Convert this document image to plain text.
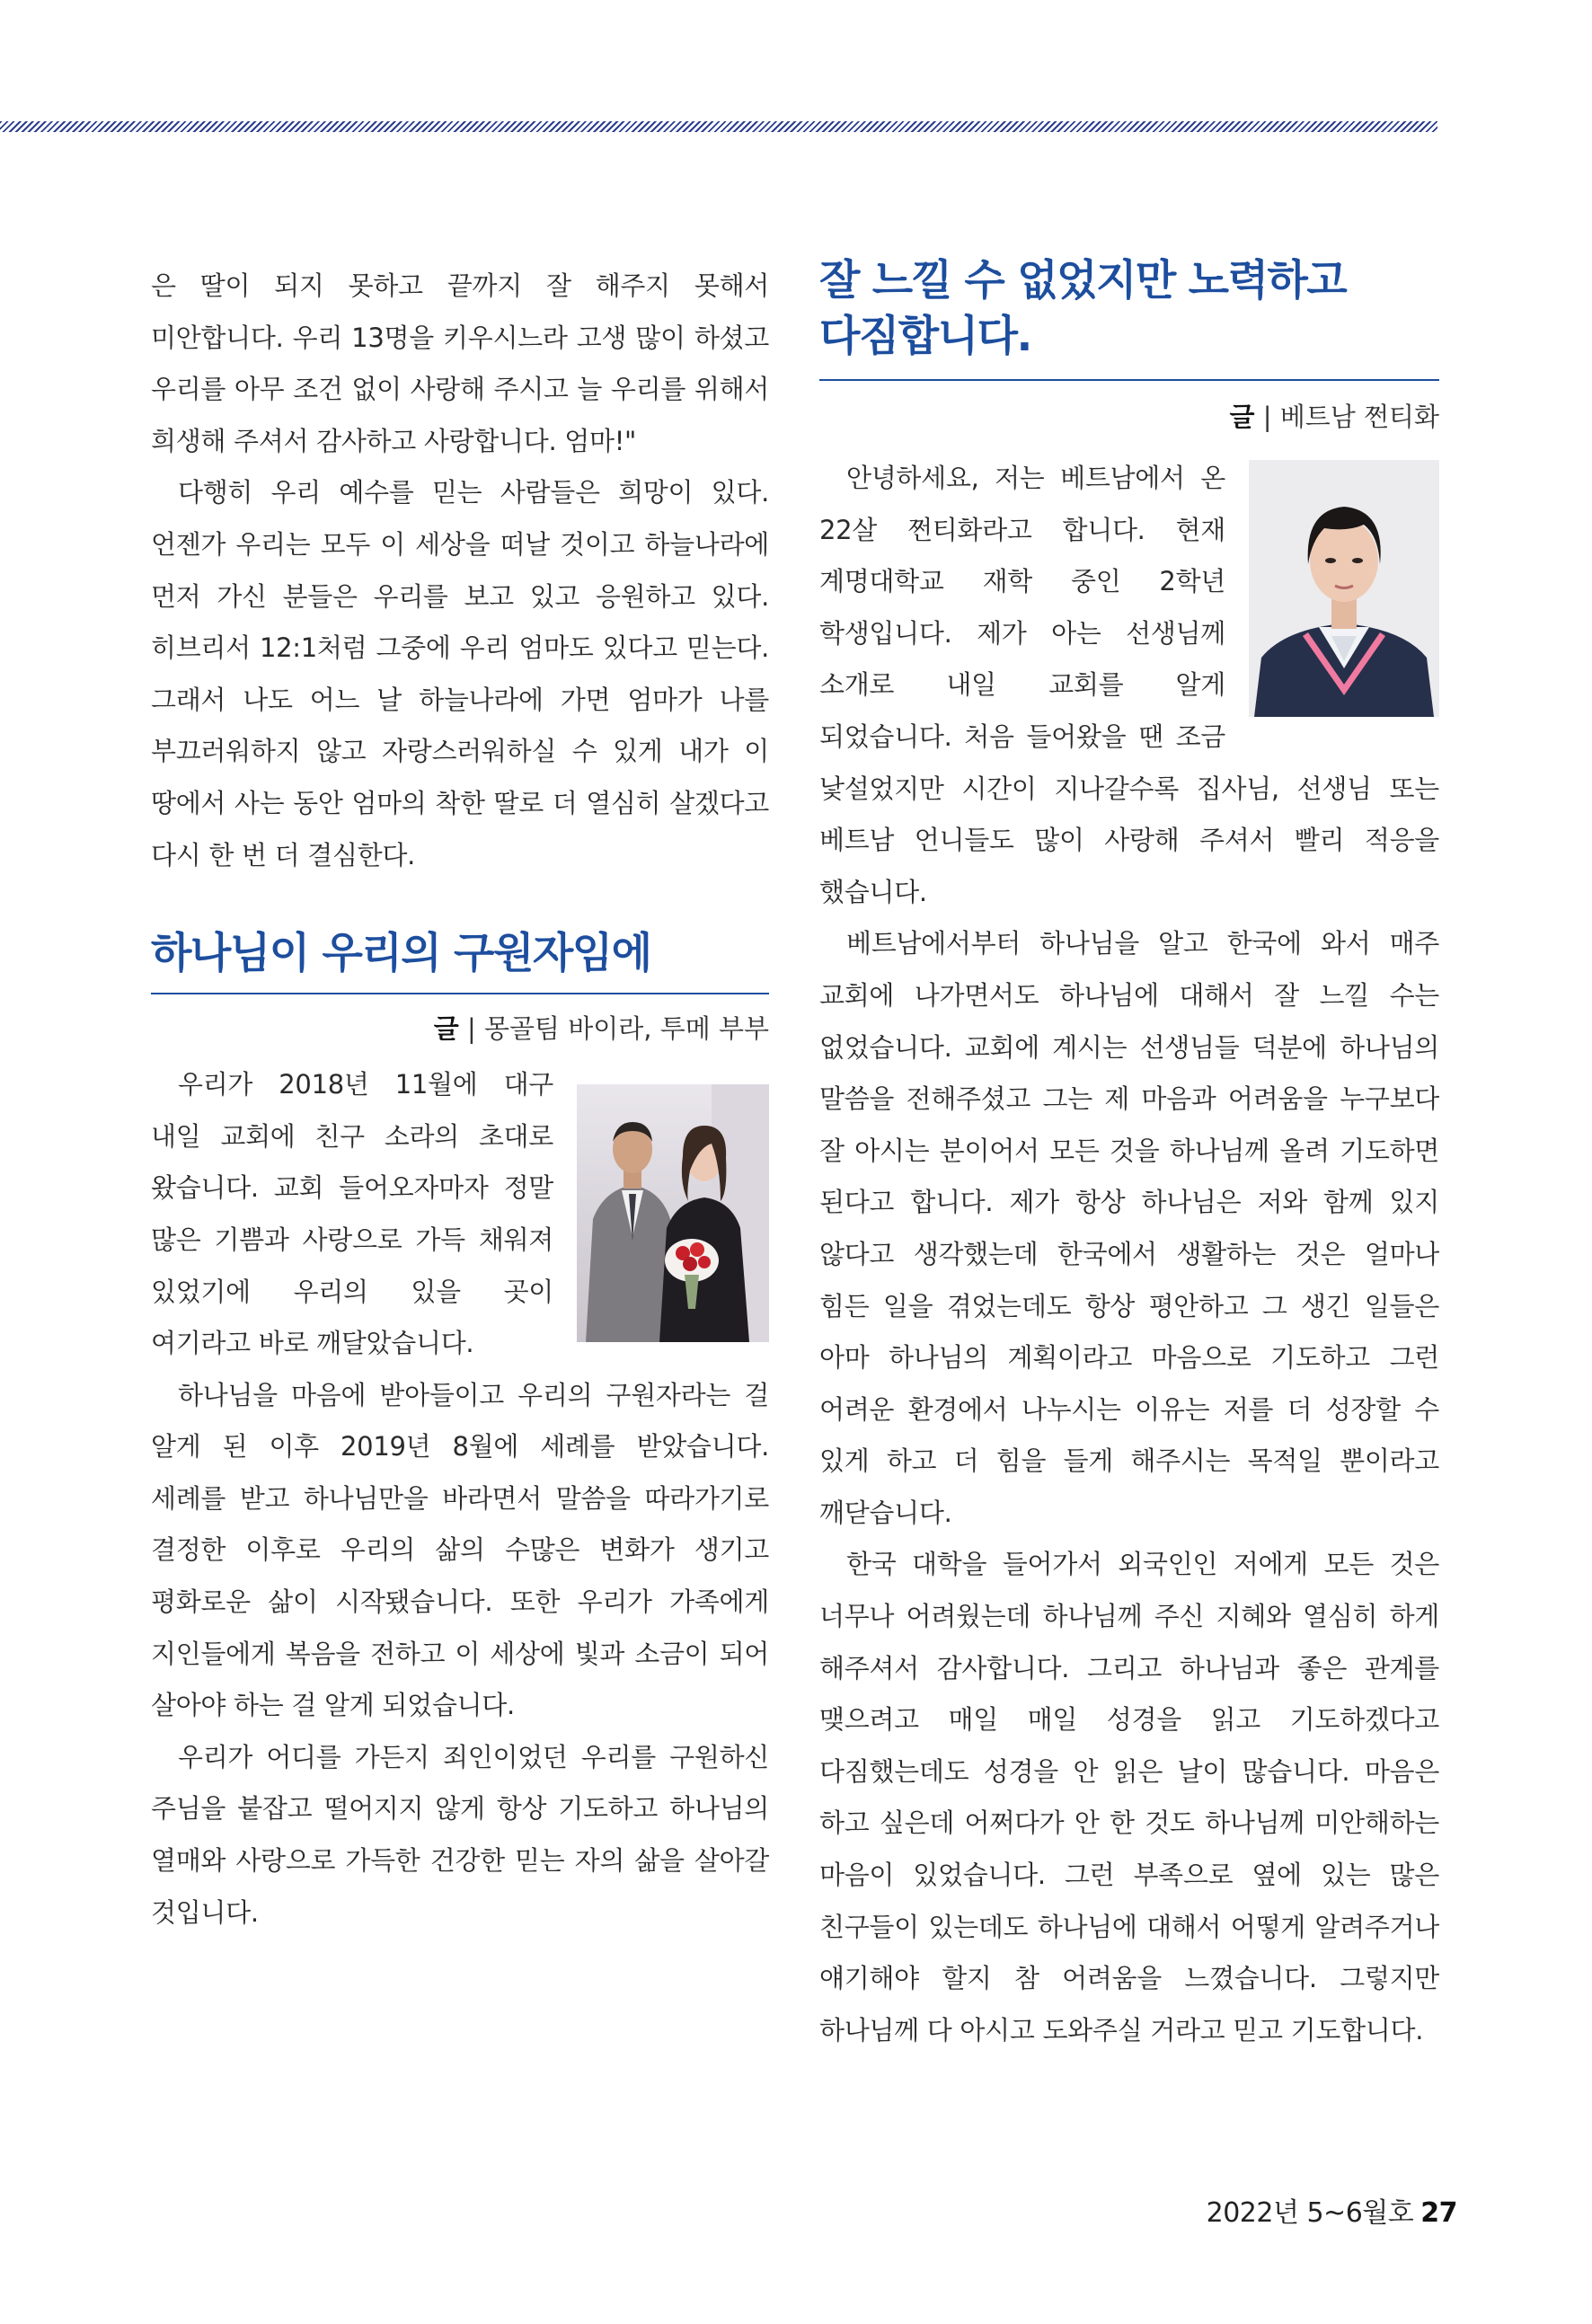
은 딸이 되지 못하고 끝까지 잘 해주지 못해서 미안합니다. 우리 13명을 키우시느라 고생 많이 하셨고 우리를 아무 조건 없이 사랑해 주시고 늘 우리를 위해서 희생해 주셔서 감사하고 사랑합니다. 엄마!"

다행히 우리 예수를 믿는 사람들은 희망이 있다. 언젠가 우리는 모두 이 세상을 떠날 것이고 하늘나라에 먼저 가신 분들은 우리를 보고 있고 응원하고 있다. 히브리서 12:1처럼 그중에 우리 엄마도 있다고 믿는다. 그래서 나도 어느 날 하늘나라에 가면 엄마가 나를 부끄러워하지 않고 자랑스러워하실 수 있게 내가 이 땅에서 사는 동안 엄마의 착한 딸로 더 열심히 살겠다고 다시 한 번 더 결심한다.

하나님이 우리의 구원자임에
글 | 몽골팀 바이라, 투메 부부

우리가 2018년 11월에 대구 내일 교회에 친구 소라의 초대로 왔습니다. 교회 들어오자마자 정말 많은 기쁨과 사랑으로 가득 채워져 있었기에 우리의 있을 곳이 여기라고 바로 깨달았습니다.

하나님을 마음에 받아들이고 우리의 구원자라는 걸 알게 된 이후 2019년 8월에 세례를 받았습니다. 세례를 받고 하나님만을 바라면서 말씀을 따라가기로 결정한 이후로 우리의 삶의 수많은 변화가 생기고 평화로운 삶이 시작됐습니다. 또한 우리가 가족에게 지인들에게 복음을 전하고 이 세상에 빛과 소금이 되어 살아야 하는 걸 알게 되었습니다.

우리가 어디를 가든지 죄인이었던 우리를 구원하신 주님을 붙잡고 떨어지지 않게 항상 기도하고 하나님의 열매와 사랑으로 가득한 건강한 믿는 자의 삶을 살아갈 것입니다.

잘 느낄 수 없었지만 노력하고
다짐합니다.
글 | 베트남 쩐티화

안녕하세요, 저는 베트남에서 온 22살 쩐티화라고 합니다. 현재 계명대학교 재학 중인 2학년 학생입니다. 제가 아는 선생님께 소개로 내일 교회를 알게 되었습니다. 처음 들어왔을 땐 조금 낯설었지만 시간이 지나갈수록 집사님, 선생님 또는 베트남 언니들도 많이 사랑해 주셔서 빨리 적응을 했습니다.

베트남에서부터 하나님을 알고 한국에 와서 매주 교회에 나가면서도 하나님에 대해서 잘 느낄 수는 없었습니다. 교회에 계시는 선생님들 덕분에 하나님의 말씀을 전해주셨고 그는 제 마음과 어려움을 누구보다 잘 아시는 분이어서 모든 것을 하나님께 올려 기도하면 된다고 합니다. 제가 항상 하나님은 저와 함께 있지 않다고 생각했는데 한국에서 생활하는 것은 얼마나 힘든 일을 겪었는데도 항상 평안하고 그 생긴 일들은 아마 하나님의 계획이라고 마음으로 기도하고 그런 어려운 환경에서 나누시는 이유는 저를 더 성장할 수 있게 하고 더 힘을 들게 해주시는 목적일 뿐이라고 깨닫습니다.

한국 대학을 들어가서 외국인인 저에게 모든 것은 너무나 어려웠는데 하나님께 주신 지혜와 열심히 하게 해주셔서 감사합니다. 그리고 하나님과 좋은 관계를 맺으려고 매일 매일 성경을 읽고 기도하겠다고 다짐했는데도 성경을 안 읽은 날이 많습니다. 마음은 하고 싶은데 어쩌다가 안 한 것도 하나님께 미안해하는 마음이 있었습니다. 그런 부족으로 옆에 있는 많은 친구들이 있는데도 하나님에 대해서 어떻게 알려주거나 얘기해야 할지 참 어려움을 느꼈습니다. 그렇지만 하나님께 다 아시고 도와주실 거라고 믿고 기도합니다.

2022년 5~6월호 27
